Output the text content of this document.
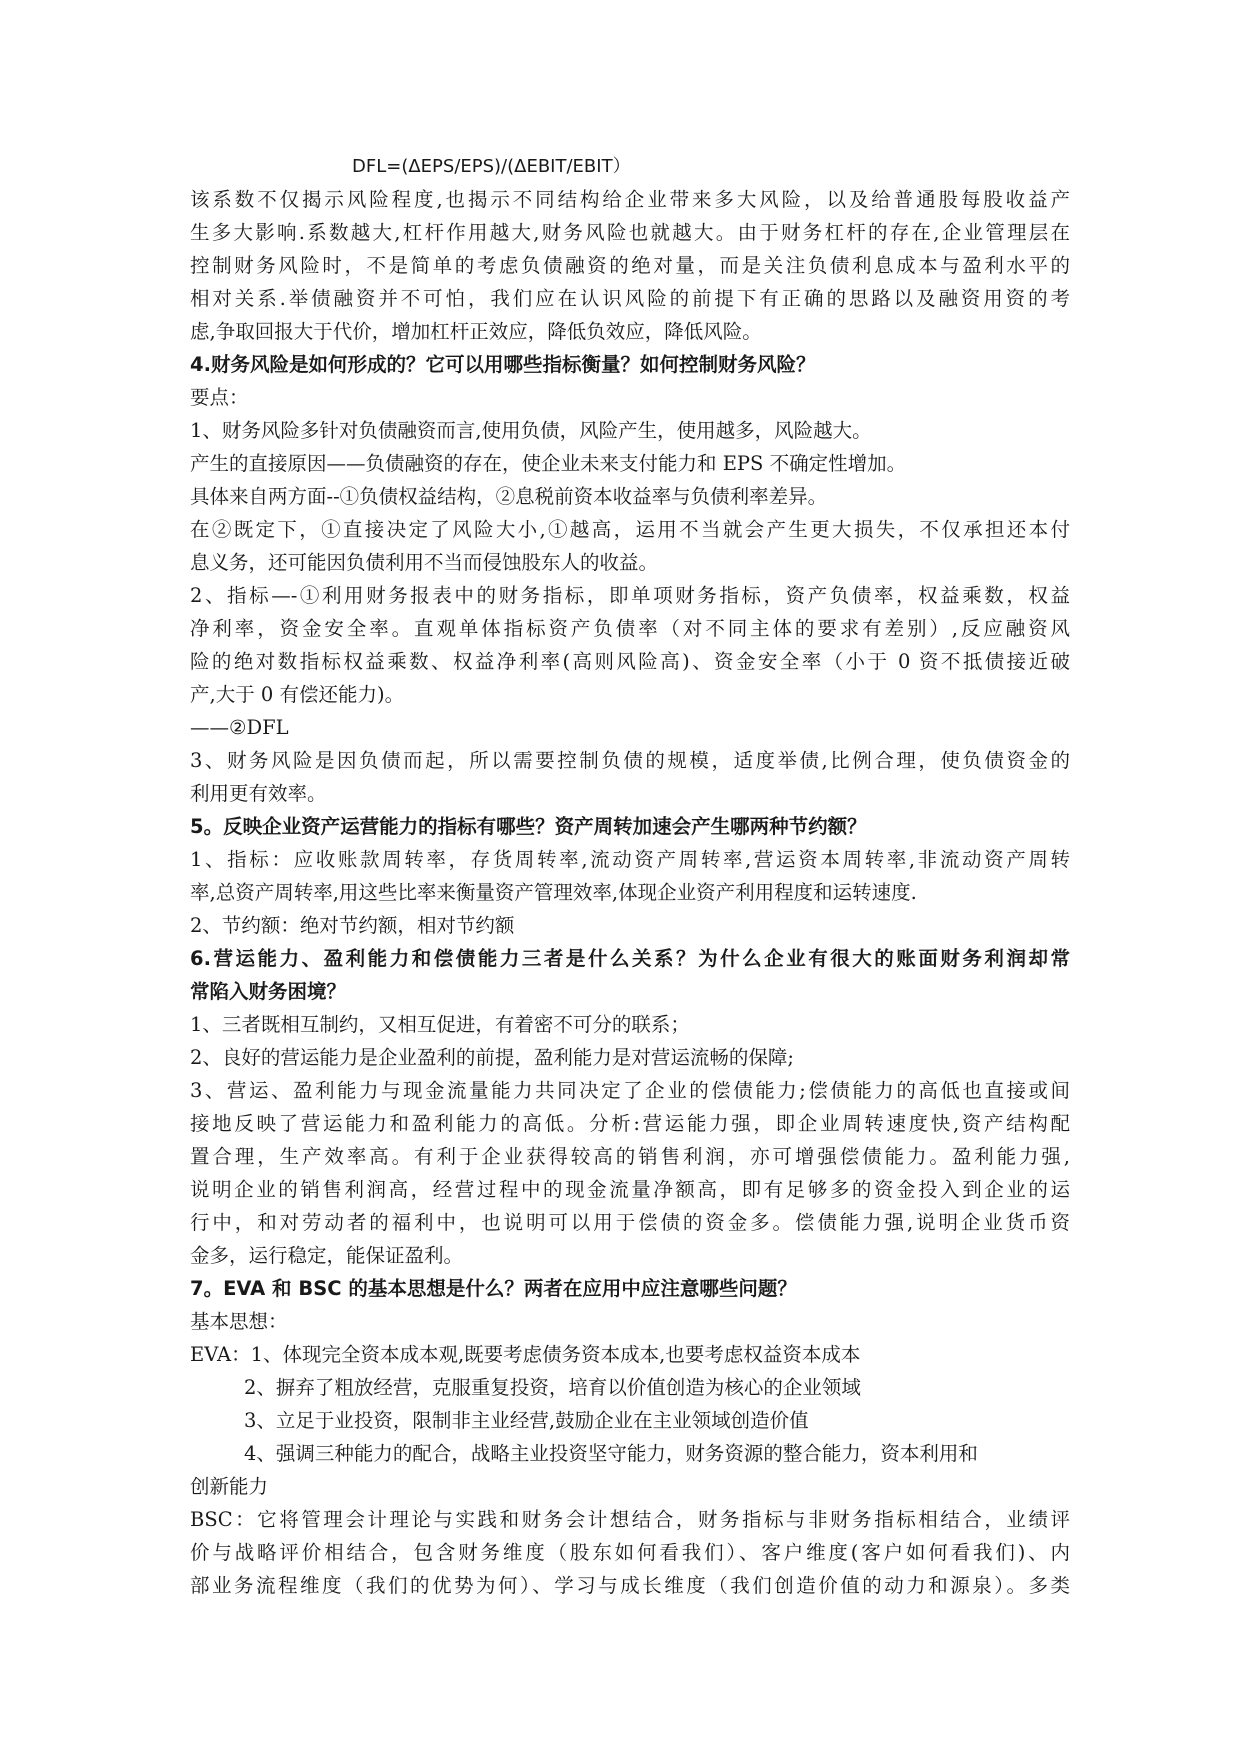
DFL=(ΔEPS/EPS)/(ΔEBIT/EBIT）
该系数不仅揭示风险程度,也揭示不同结构给企业带来多大风险，以及给普通股每股收益产
生多大影响.系数越大,杠杆作用越大,财务风险也就越大。由于财务杠杆的存在,企业管理层在
控制财务风险时，不是简单的考虑负债融资的绝对量，而是关注负债利息成本与盈利水平的
相对关系.举债融资并不可怕，我们应在认识风险的前提下有正确的思路以及融资用资的考
虑,争取回报大于代价，增加杠杆正效应，降低负效应，降低风险。
4.财务风险是如何形成的？它可以用哪些指标衡量？如何控制财务风险？
要点：
1、财务风险多针对负债融资而言,使用负债，风险产生，使用越多，风险越大。
产生的直接原因——负债融资的存在，使企业未来支付能力和 EPS 不确定性增加。
具体来自两方面--①负债权益结构，②息税前资本收益率与负债利率差异。
在②既定下，①直接决定了风险大小,①越高，运用不当就会产生更大损失，不仅承担还本付
息义务，还可能因负债利用不当而侵蚀股东人的收益。
2、指标—-①利用财务报表中的财务指标，即单项财务指标，资产负债率，权益乘数，权益
净利率，资金安全率。直观单体指标资产负债率（对不同主体的要求有差别）,反应融资风
险的绝对数指标权益乘数、权益净利率(高则风险高)、资金安全率（小于 0 资不抵债接近破
产,大于 0 有偿还能力)。
——②DFL
3、财务风险是因负债而起，所以需要控制负债的规模，适度举债,比例合理，使负债资金的
利用更有效率。
5。反映企业资产运营能力的指标有哪些？资产周转加速会产生哪两种节约额？
1、指标：应收账款周转率，存货周转率,流动资产周转率,营运资本周转率,非流动资产周转
率,总资产周转率,用这些比率来衡量资产管理效率,体现企业资产利用程度和运转速度.
2、节约额：绝对节约额，相对节约额
6.营运能力、盈利能力和偿债能力三者是什么关系？为什么企业有很大的账面财务利润却常
常陷入财务困境？
1、三者既相互制约，又相互促进，有着密不可分的联系；
2、良好的营运能力是企业盈利的前提，盈利能力是对营运流畅的保障;
3、营运、盈利能力与现金流量能力共同决定了企业的偿债能力;偿债能力的高低也直接或间
接地反映了营运能力和盈利能力的高低。分析:营运能力强，即企业周转速度快,资产结构配
置合理，生产效率高。有利于企业获得较高的销售利润，亦可增强偿债能力。盈利能力强,
说明企业的销售利润高，经营过程中的现金流量净额高，即有足够多的资金投入到企业的运
行中，和对劳动者的福利中，也说明可以用于偿债的资金多。偿债能力强,说明企业货币资
金多，运行稳定，能保证盈利。
7。EVA 和 BSC 的基本思想是什么？两者在应用中应注意哪些问题？
基本思想：
EVA：1、体现完全资本成本观,既要考虑债务资本成本,也要考虑权益资本成本
2、摒弃了粗放经营，克服重复投资，培育以价值创造为核心的企业领域
3、立足于业投资，限制非主业经营,鼓励企业在主业领域创造价值
4、强调三种能力的配合，战略主业投资坚守能力，财务资源的整合能力，资本利用和
创新能力
BSC：它将管理会计理论与实践和财务会计想结合，财务指标与非财务指标相结合，业绩评
价与战略评价相结合，包含财务维度（股东如何看我们）、客户维度(客户如何看我们)、内
部业务流程维度（我们的优势为何）、学习与成长维度（我们创造价值的动力和源泉）。多类
